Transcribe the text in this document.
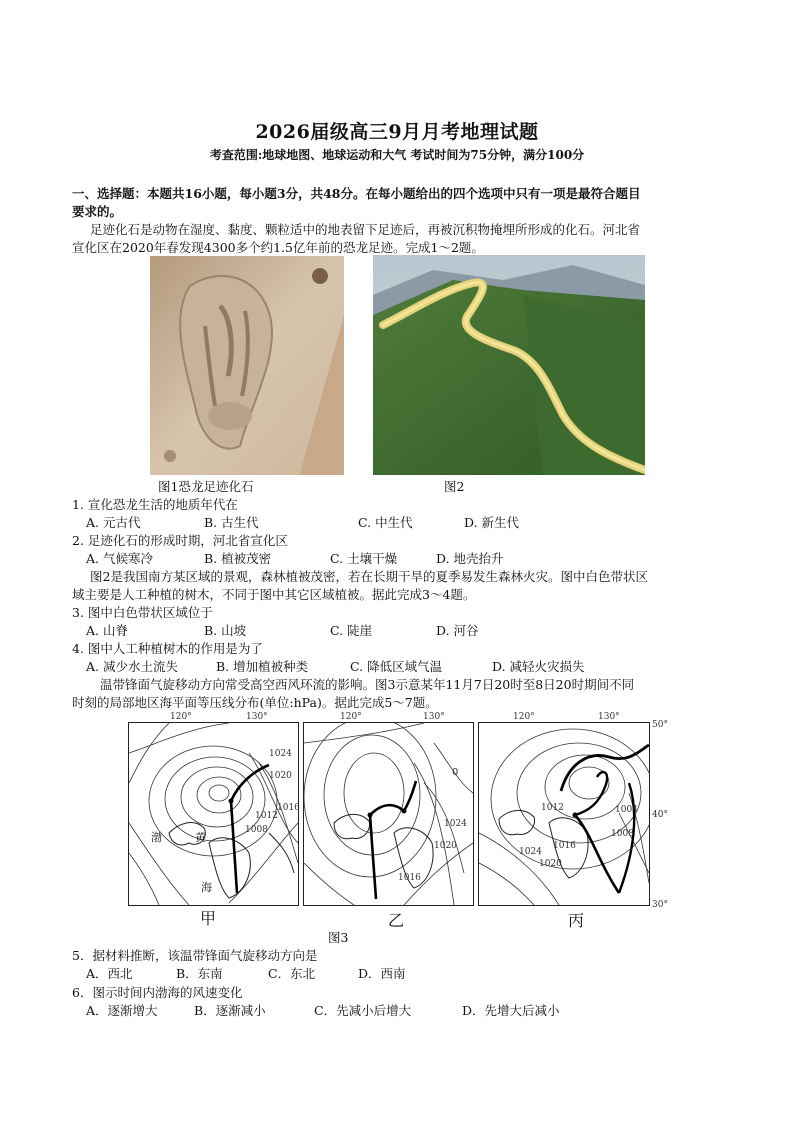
2026届级高三9月月考地理试题
考查范围:地球地图、地球运动和大气 考试时间为75分钟，满分100分
一、选择题：本题共16小题，每小题3分，共48分。在每小题给出的四个选项中只有一项是最符合题目
要求的。
足迹化石是动物在湿度、黏度、颗粒适中的地表留下足迹后，再被沉积物掩埋所形成的化石。河北省
宣化区在2020年春发现4300多个约1.5亿年前的恐龙足迹。完成1～2题。
图1恐龙足迹化石	图2
1. 宣化恐龙生活的地质年代在
A. 元古代	B. 古生代	C. 中生代	D. 新生代
2. 足迹化石的形成时期，河北省宣化区
A. 气候寒冷	B. 植被茂密	C. 土壤干燥	D. 地壳抬升
图2是我国南方某区域的景观，森林植被茂密，若在长期干旱的夏季易发生森林火灾。图中白色带状区
域主要是人工种植的树木，不同于图中其它区域植被。据此完成3～4题。
3. 图中白色带状区域位于
A. 山脊	B. 山坡	C. 陡崖	D. 河谷
4. 图中人工种植树木的作用是为了
A. 减少水土流失	B. 增加植被种类	C. 降低区域气温	D. 减轻火灾损失
温带锋面气旋移动方向常受高空西风环流的影响。图3示意某年11月7日20时至8日20时期间不同
时刻的局部地区海平面等压线分布(单位:hPa)。据此完成5～7题。
120°	130°	120°	130°	120°	130°
50°
40°
30°
1024
1020
1016
1012
1008
渤	黄
海
甲
0
1024
1020
1016
乙
1012	1004
1008
1016
1020
1024
丙
图3
5．据材料推断，该温带锋面气旋移动方向是
A．西北	B．东南	C．东北	D．西南
6．图示时间内渤海的风速变化
A．逐渐增大	B．逐渐减小	C．先减小后增大	D．先增大后减小
